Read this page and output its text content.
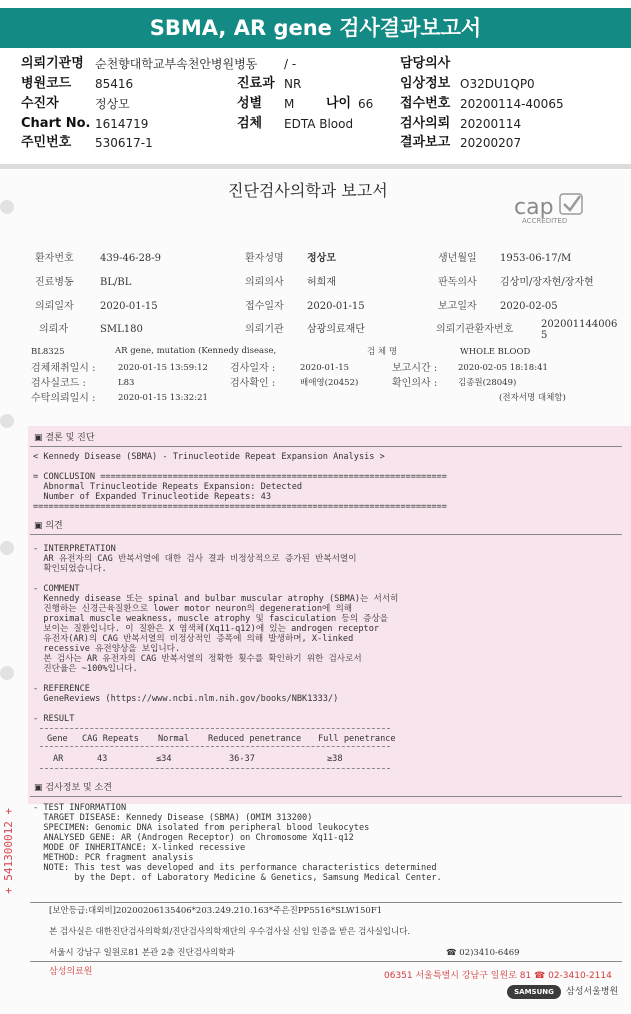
SBMA, AR gene 검사결과보고서
의뢰기관명 순천향대학교부속천안병원병동
병원코드 85416
수진자	정상모
Chart No. 1614719
주민번호 530617-1
/ -
진료과 NR
성별 M 나이 66
검체 EDTA Blood
담당의사
임상정보 O32DU1QP0
접수번호 20200114-40065
검사의뢰 20200114
결과보고 20200207
진단검사의학과 보고서
cap
ACCREDITED
환자번호	439-46-28-9	환자성명 정상모	생년월일 1953-06-17/M
진료병동	BL/BL	의뢰의사 허희재	판독의사 김상미/장자현/장자현
의뢰일자	2020-01-15	접수일자 2020-01-15	보고일자 2020-02-05
의뢰자	SML180	의뢰기관 삼광의료재단	의뢰기관환자번호	202001144006
5
BL8325	AR gene, mutation (Kennedy disease,	검 체 명	WHOLE BLOOD
검체채취일시 :	2020-01-15 13:59:12 검사일자 :	2020-01-15	보고시간 : 2020-02-05 18:18:41
검사실코드 :	L83	검사확인 :	배애영(20452)	확인의사 : 김종원(28049)
수탁의뢰일시 :	2020-01-15 13:32:21	(전자서명 대체함)
▣ 결론 및 진단
< Kennedy Disease (SBMA) - Trinucleotide Repeat Expansion Analysis >
= CONCLUSION ===================================================================
Abnormal Trinucleotide Repeats Expansion: Detected
Number of Expanded Trinucleotide Repeats: 43
================================================================================
▣ 의견
- INTERPRETATION
AR 유전자의 CAG 반복서열에 대한 검사 결과 비정상적으로 증가된 반복서열이
확인되었습니다.
- COMMENT
Kennedy disease 또는 spinal and bulbar muscular atrophy (SBMA)는 서서히
진행하는 신경근육질환으로 lower motor neuron의 degeneration에 의해
proximal muscle weakness, muscle atrophy 및 fasciculation 등의 증상을
보이는 질환입니다. 이 질환은 X 염색체(Xq11-q12)에 있는 androgen receptor
유전자(AR)의 CAG 반복서열의 비정상적인 증폭에 의해 발생하며, X-linked
recessive 유전양상을 보입니다.
본 검사는 AR 유전자의 CAG 반복서열의 정확한 횟수를 확인하기 위한 검사로서
진단율은 ~100%입니다.
- REFERENCE
GeneReviews (https://www.ncbi.nlm.nih.gov/books/NBK1333/)
- RESULT
Gene CAG Repeats Normal Reduced penetrance Full penetrance
AR	43	≤34	36-37	≥38
▣ 검사정보 및 소견
- TEST INFORMATION
TARGET DISEASE: Kennedy Disease (SBMA) (OMIM 313200)
SPECIMEN: Genomic DNA isolated from peripheral blood leukocytes
ANALYSED GENE: AR (Androgen Receptor) on Chromosome Xq11-q12
MODE OF INHERITANCE: X-linked recessive
METHOD: PCR fragment analysis
NOTE: This test was developed and its performance characteristics determined
by the Dept. of Laboratory Medicine & Genetics, Samsung Medical Center.
+ 541300012 +
[보안등급:대외비]20200206135406*203.249.210.163*주은진PP5516*SLW150F1
본 검사실은 대한진단검사의학회/진단검사의학재단의 우수검사실 신임 인증을 받은 검사실입니다.
서울시 강남구 일원로81 본관 2층 진단검사의학과	☎ 02)3410-6469
삼성의료원	06351 서울특별시 강남구 일원로 81 ☎ 02-3410-2114
SAMSUNG	삼성서울병원
